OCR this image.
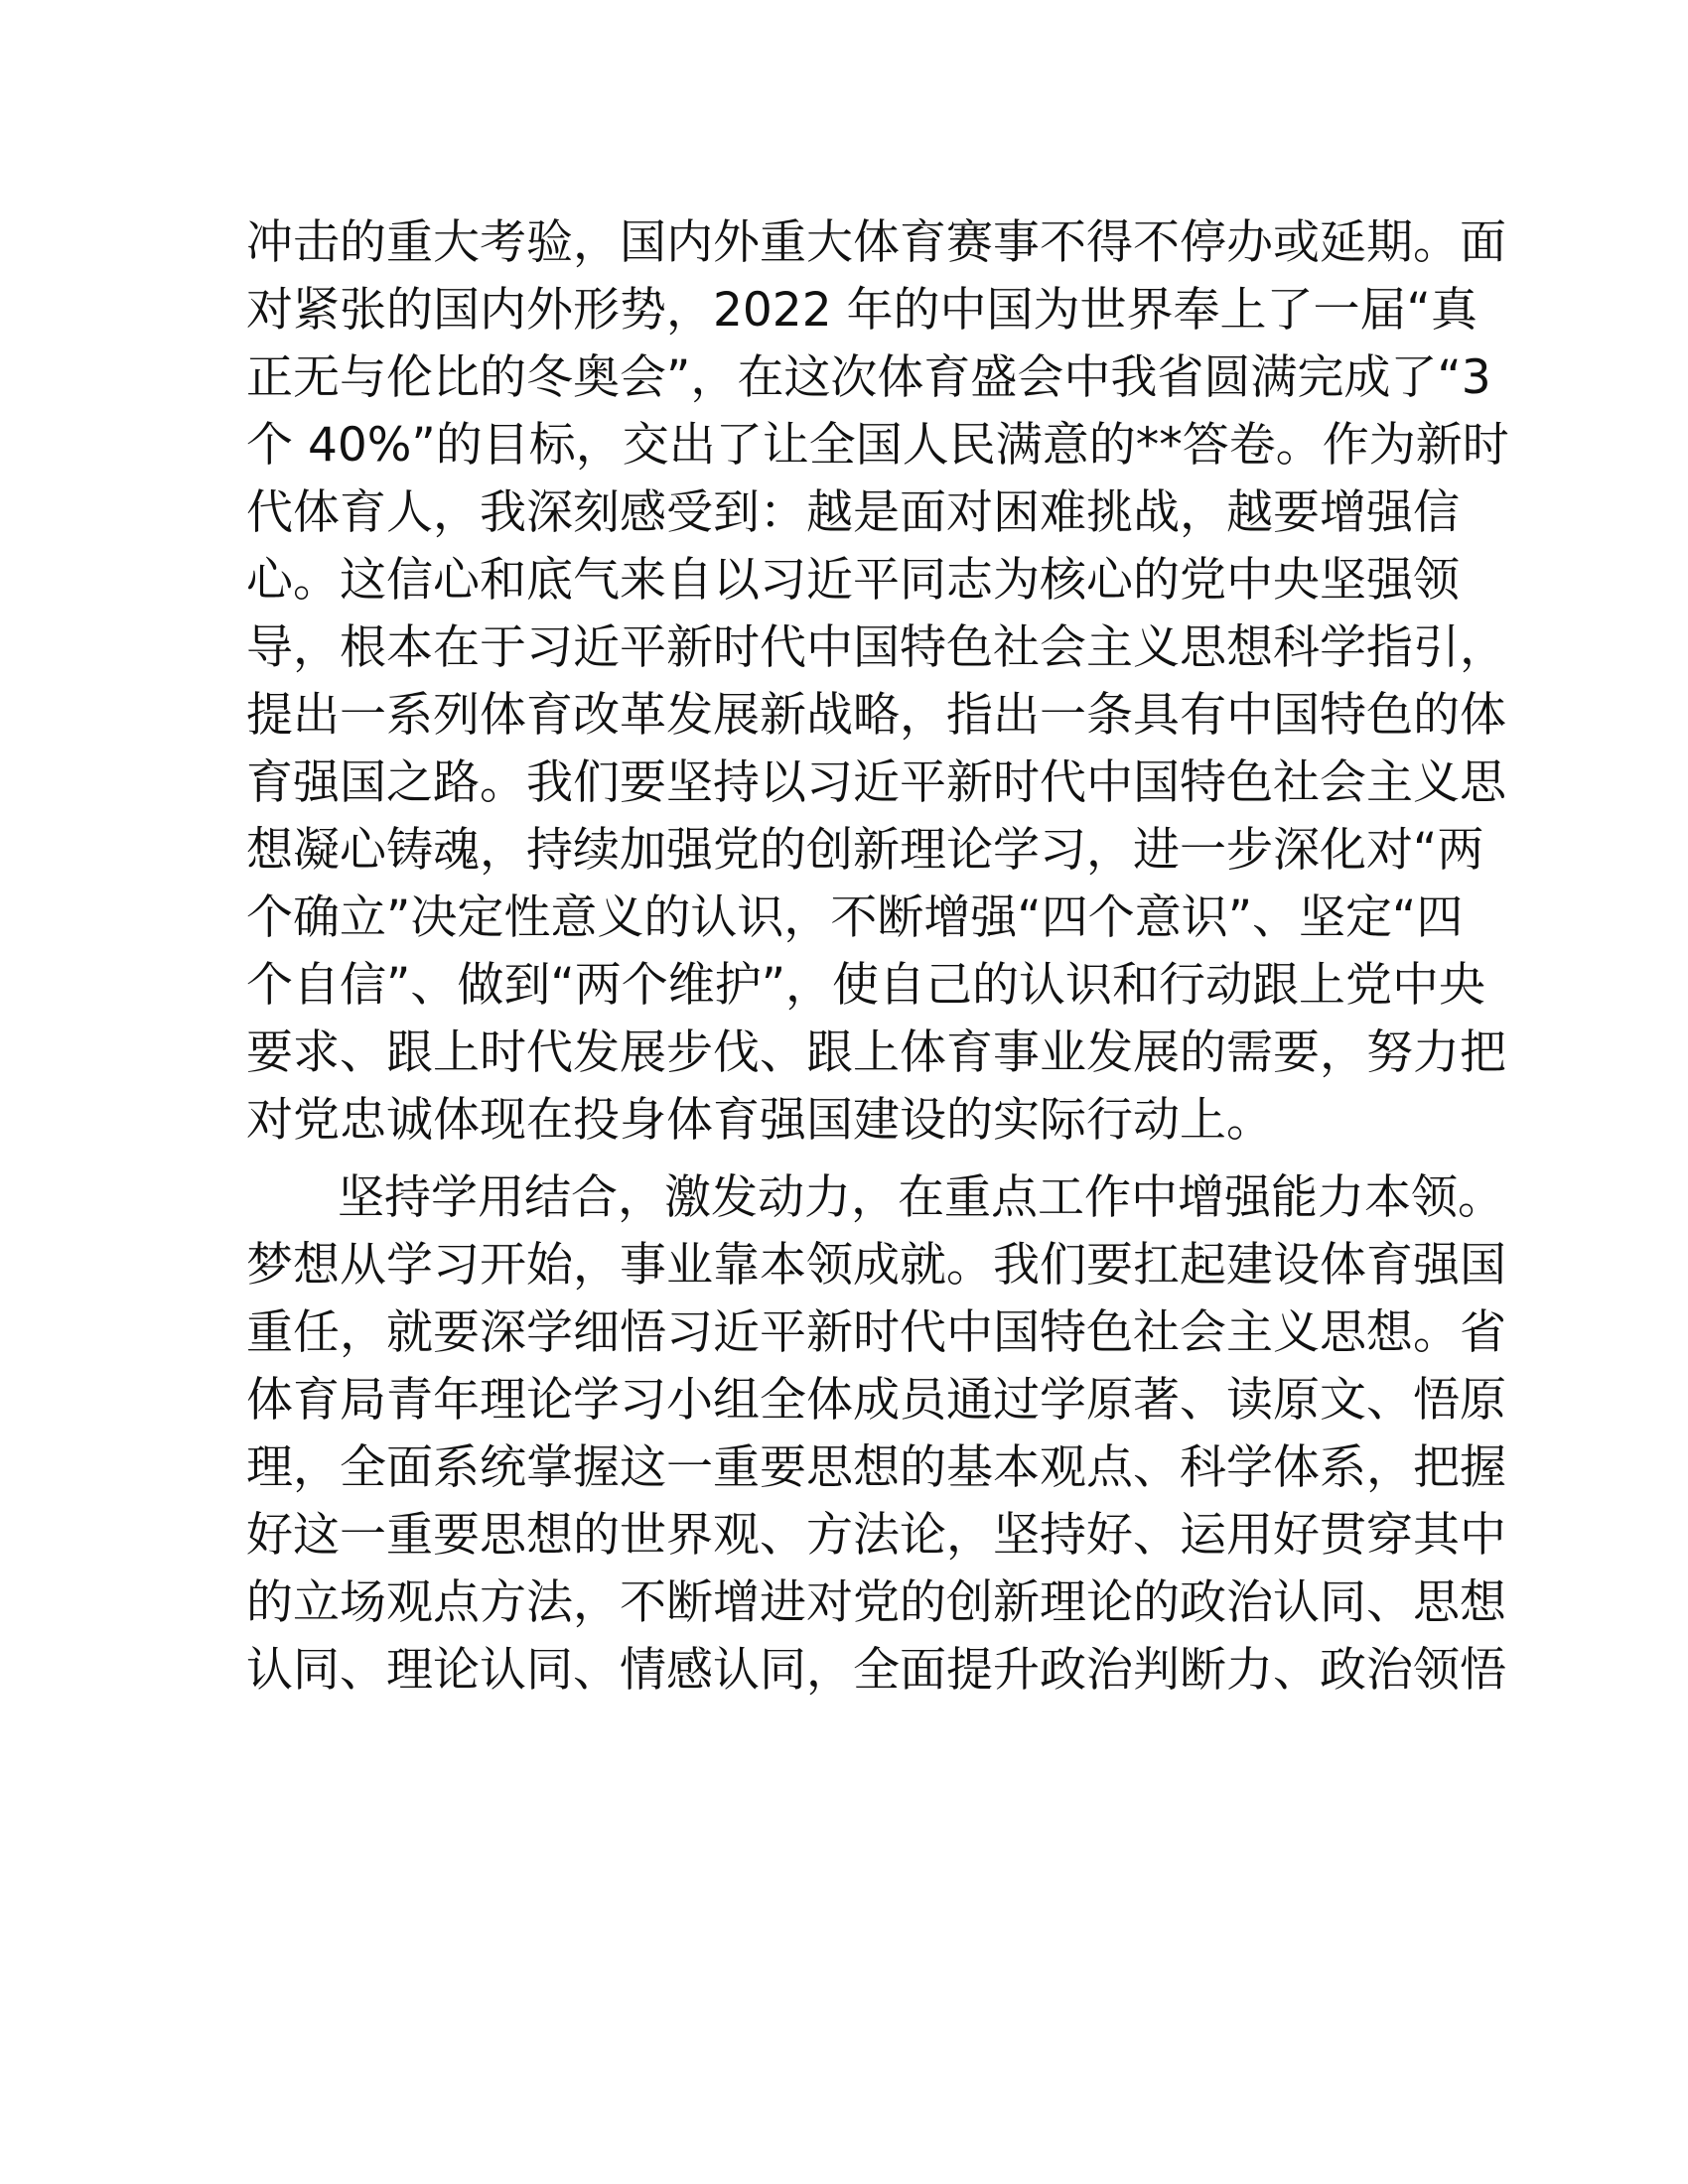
冲击的重大考验，国内外重大体育赛事不得不停办或延期。面
对紧张的国内外形势，2022 年的中国为世界奉上了一届“真
正无与伦比的冬奥会”，在这次体育盛会中我省圆满完成了“3
个 40%”的目标，交出了让全国人民满意的**答卷。作为新时
代体育人，我深刻感受到：越是面对困难挑战，越要增强信
心。这信心和底气来自以习近平同志为核心的党中央坚强领
导，根本在于习近平新时代中国特色社会主义思想科学指引，
提出一系列体育改革发展新战略，指出一条具有中国特色的体
育强国之路。我们要坚持以习近平新时代中国特色社会主义思
想凝心铸魂，持续加强党的创新理论学习，进一步深化对“两
个确立”决定性意义的认识，不断增强“四个意识”、坚定“四
个自信”、做到“两个维护”，使自己的认识和行动跟上党中央
要求、跟上时代发展步伐、跟上体育事业发展的需要，努力把
对党忠诚体现在投身体育强国建设的实际行动上。
坚持学用结合，激发动力，在重点工作中增强能力本领。
梦想从学习开始，事业靠本领成就。我们要扛起建设体育强国
重任，就要深学细悟习近平新时代中国特色社会主义思想。省
体育局青年理论学习小组全体成员通过学原著、读原文、悟原
理，全面系统掌握这一重要思想的基本观点、科学体系，把握
好这一重要思想的世界观、方法论，坚持好、运用好贯穿其中
的立场观点方法，不断增进对党的创新理论的政治认同、思想
认同、理论认同、情感认同，全面提升政治判断力、政治领悟
